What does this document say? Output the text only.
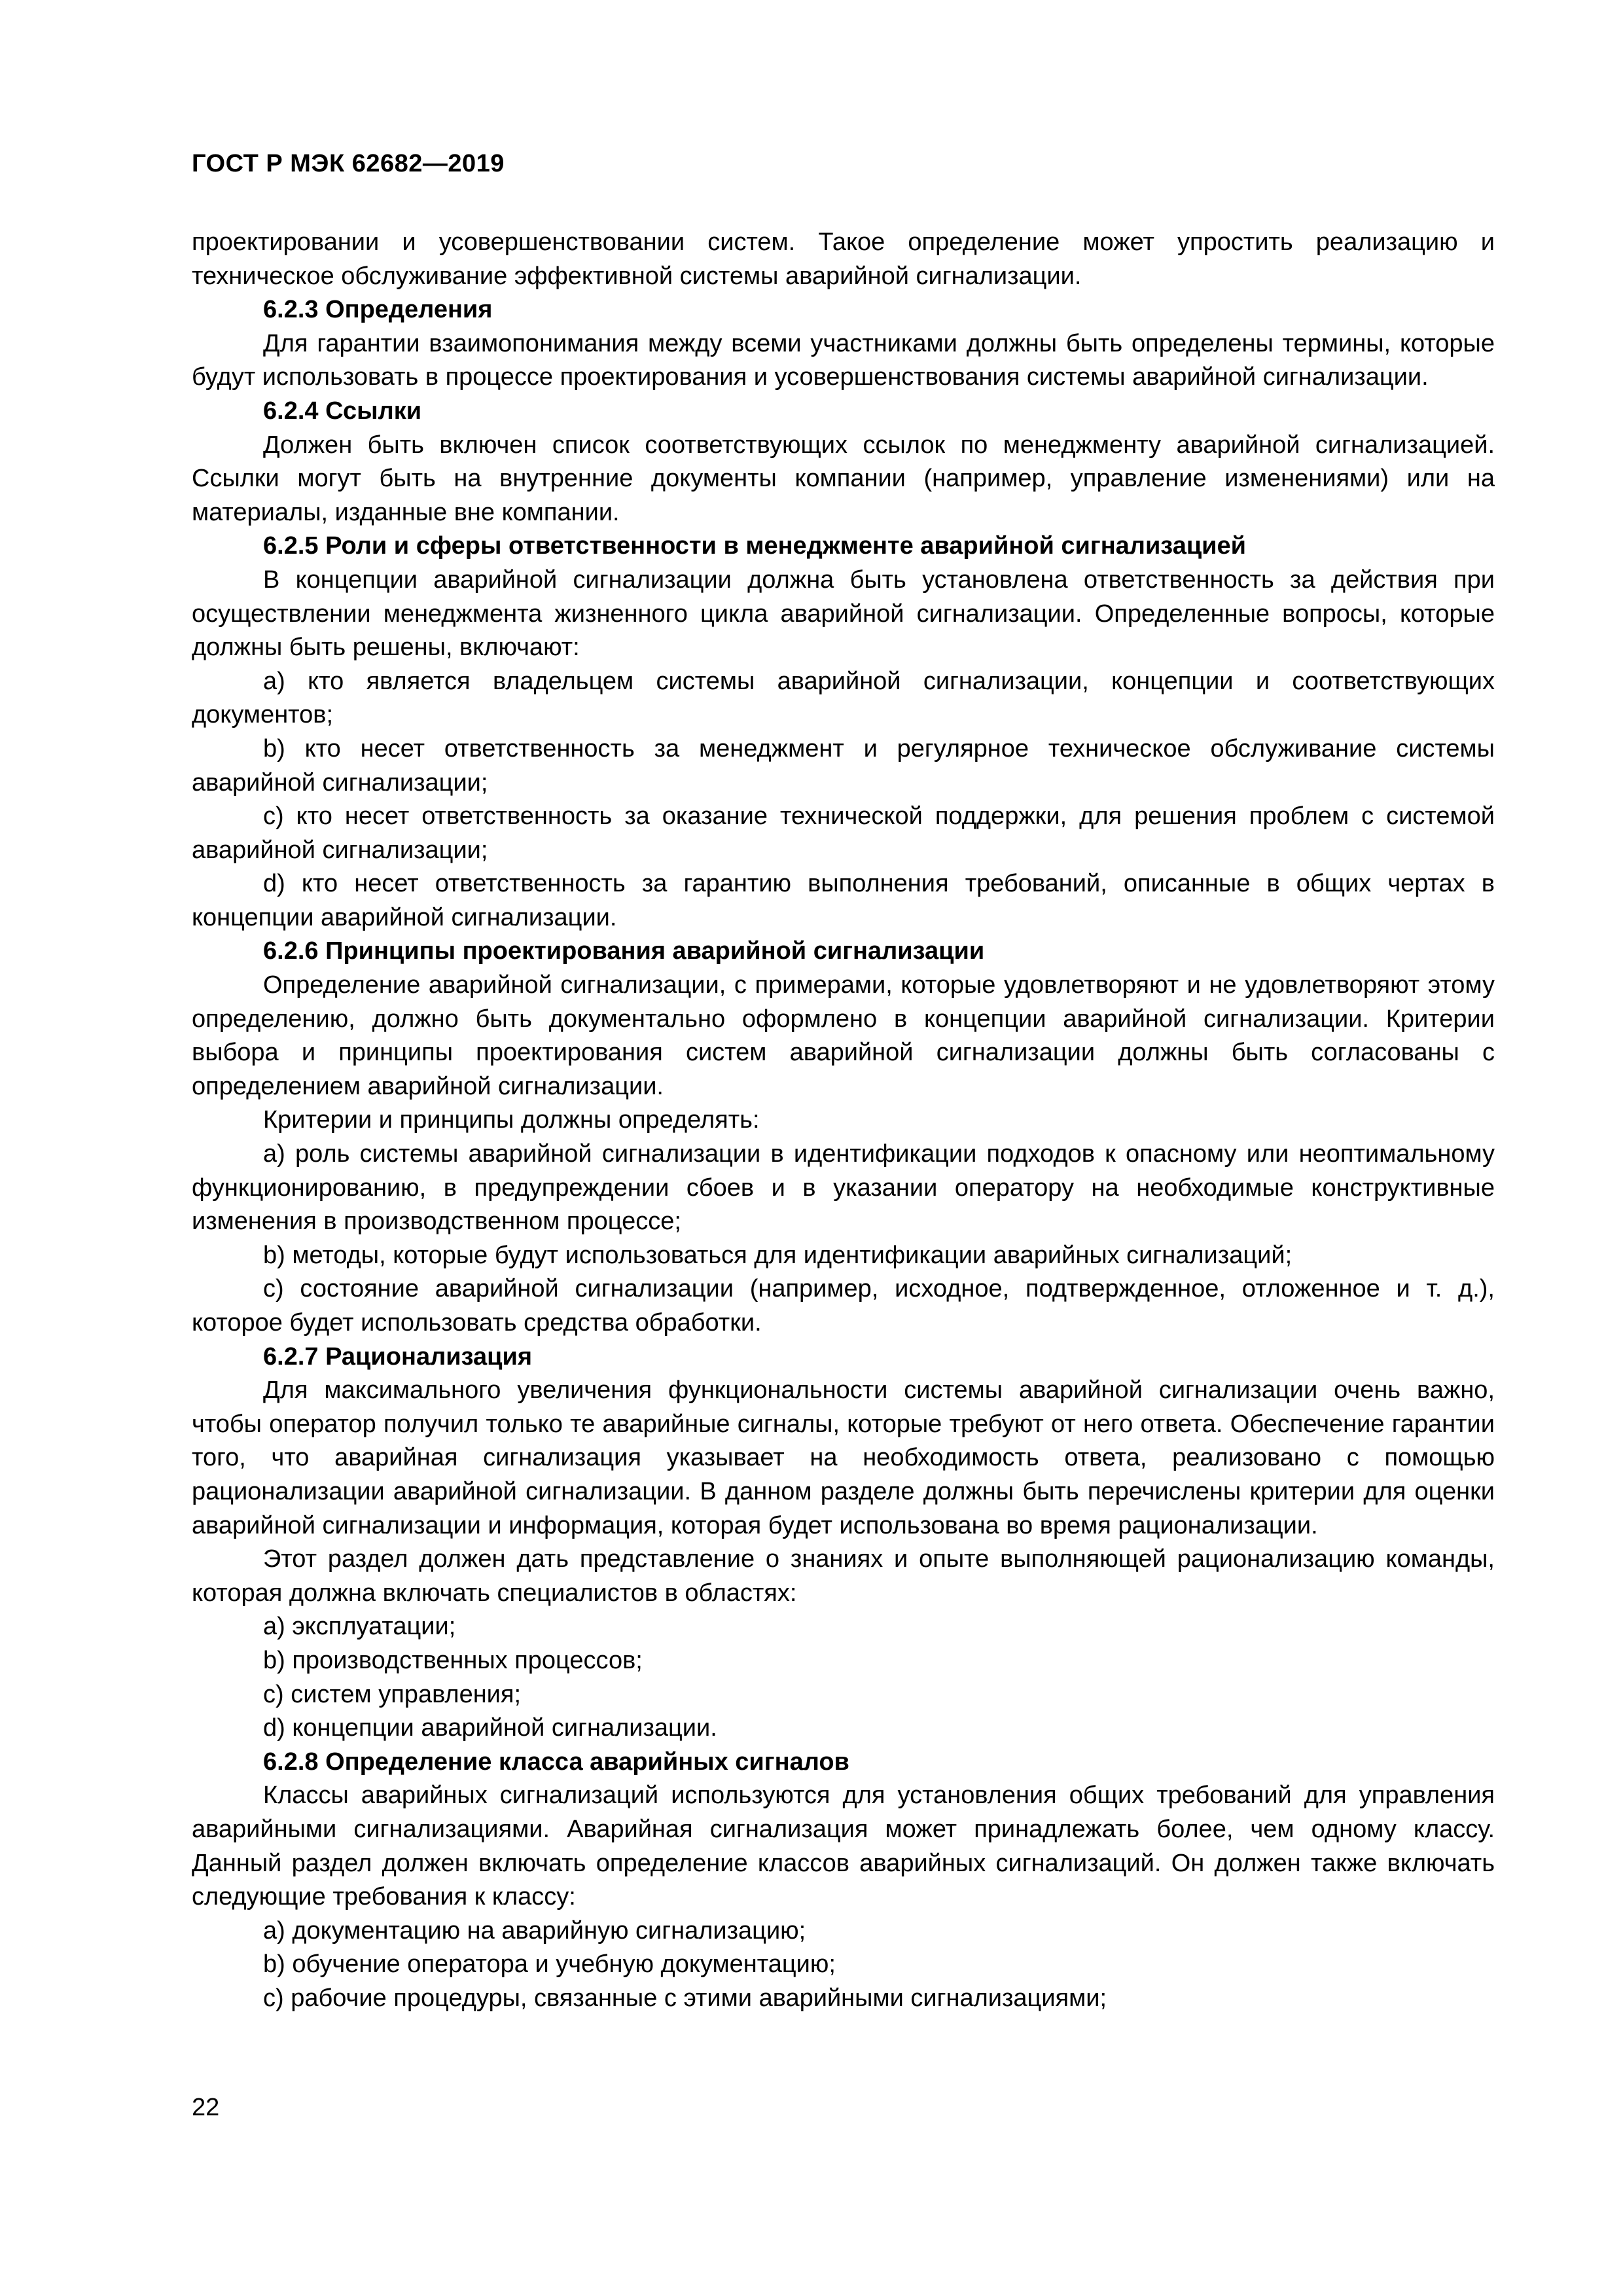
ГОСТ Р МЭК 62682—2019

проектировании и усовершенствовании систем. Такое определение может упростить реализацию и техническое обслуживание эффективной системы аварийной сигнализации.

6.2.3 Определения

Для гарантии взаимопонимания между всеми участниками должны быть определены термины, которые будут использовать в процессе проектирования и усовершенствования системы аварийной сигнализации.

6.2.4 Ссылки

Должен быть включен список соответствующих ссылок по менеджменту аварийной сигнализацией. Ссылки могут быть на внутренние документы компании (например, управление изменениями) или на материалы, изданные вне компании.

6.2.5 Роли и сферы ответственности в менеджменте аварийной сигнализацией

В концепции аварийной сигнализации должна быть установлена ответственность за действия при осуществлении менеджмента жизненного цикла аварийной сигнализации. Определенные вопросы, которые должны быть решены, включают:

a) кто является владельцем системы аварийной сигнализации, концепции и соответствующих документов;

b) кто несет ответственность за менеджмент и регулярное техническое обслуживание системы аварийной сигнализации;

c) кто несет ответственность за оказание технической поддержки, для решения проблем с системой аварийной сигнализации;

d) кто несет ответственность за гарантию выполнения требований, описанные в общих чертах в концепции аварийной сигнализации.

6.2.6 Принципы проектирования аварийной сигнализации

Определение аварийной сигнализации, с примерами, которые удовлетворяют и не удовлетворяют этому определению, должно быть документально оформлено в концепции аварийной сигнализации. Критерии выбора и принципы проектирования систем аварийной сигнализации должны быть согласованы с определением аварийной сигнализации.

Критерии и принципы должны определять:

a) роль системы аварийной сигнализации в идентификации подходов к опасному или неоптимальному функционированию, в предупреждении сбоев и в указании оператору на необходимые конструктивные изменения в производственном процессе;

b) методы, которые будут использоваться для идентификации аварийных сигнализаций;

c) состояние аварийной сигнализации (например, исходное, подтвержденное, отложенное и т. д.), которое будет использовать средства обработки.

6.2.7 Рационализация

Для максимального увеличения функциональности системы аварийной сигнализации очень важно, чтобы оператор получил только те аварийные сигналы, которые требуют от него ответа. Обеспечение гарантии того, что аварийная сигнализация указывает на необходимость ответа, реализовано с помощью рационализации аварийной сигнализации. В данном разделе должны быть перечислены критерии для оценки аварийной сигнализации и информация, которая будет использована во время рационализации.

Этот раздел должен дать представление о знаниях и опыте выполняющей рационализацию команды, которая должна включать специалистов в областях:

a) эксплуатации;

b) производственных процессов;

c) систем управления;

d) концепции аварийной сигнализации.

6.2.8 Определение класса аварийных сигналов

Классы аварийных сигнализаций используются для установления общих требований для управления аварийными сигнализациями. Аварийная сигнализация может принадлежать более, чем одному классу. Данный раздел должен включать определение классов аварийных сигнализаций. Он должен также включать следующие требования к классу:

a) документацию на аварийную сигнализацию;

b) обучение оператора и учебную документацию;

c) рабочие процедуры, связанные с этими аварийными сигнализациями;

22
